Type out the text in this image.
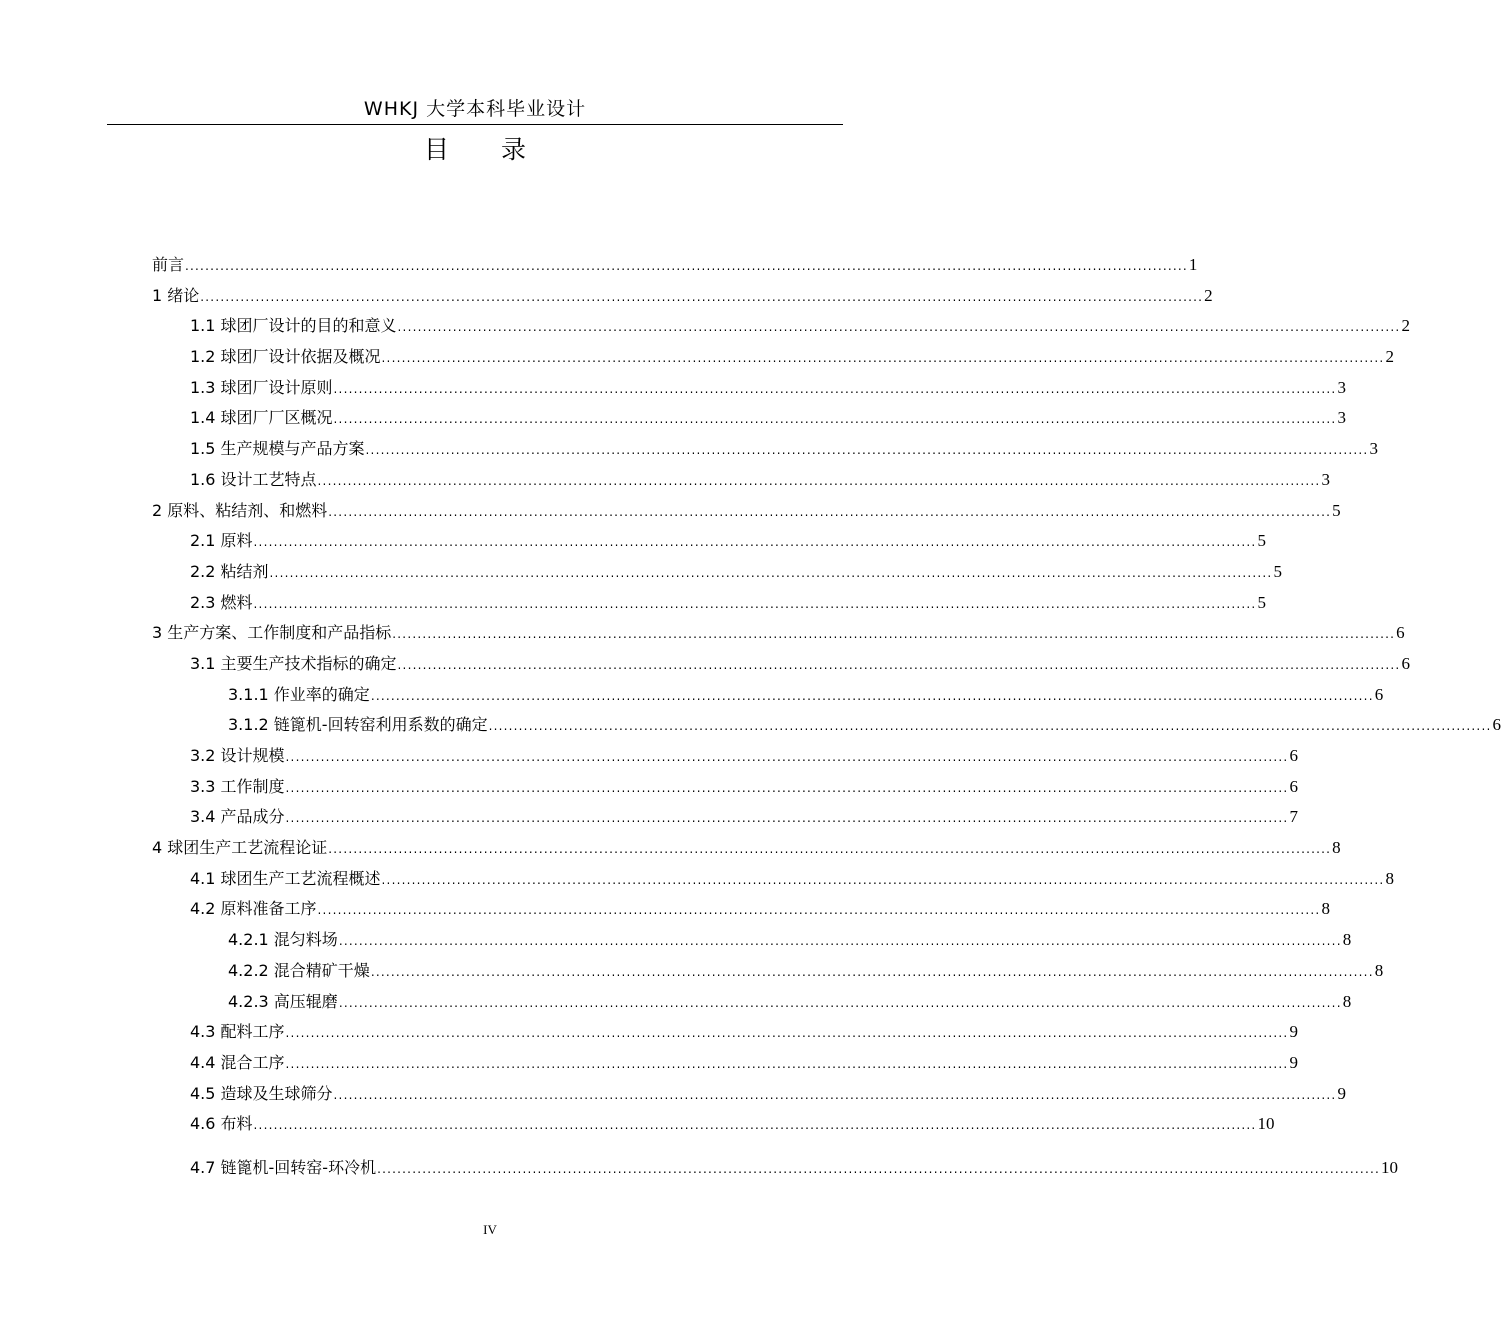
WHKJ 大学本科毕业设计
目 录
前言 ........................................................................................................................................................................................................ 1
1 绪论 ........................................................................................................................................................................................................ 2
1.1 球团厂设计的目的和意义 ........................................................................................................................................................................................................ 2
1.2 球团厂设计依据及概况 ........................................................................................................................................................................................................ 2
1.3 球团厂设计原则 ........................................................................................................................................................................................................ 3
1.4 球团厂厂区概况 ........................................................................................................................................................................................................ 3
1.5 生产规模与产品方案 ........................................................................................................................................................................................................ 3
1.6 设计工艺特点 ........................................................................................................................................................................................................ 3
2 原料、粘结剂、和燃料 ........................................................................................................................................................................................................ 5
2.1 原料 ........................................................................................................................................................................................................ 5
2.2 粘结剂 ........................................................................................................................................................................................................ 5
2.3 燃料 ........................................................................................................................................................................................................ 5
3 生产方案、工作制度和产品指标 ........................................................................................................................................................................................................ 6
3.1 主要生产技术指标的确定 ........................................................................................................................................................................................................ 6
3.1.1 作业率的确定 ........................................................................................................................................................................................................ 6
3.1.2 链篦机-回转窑利用系数的确定 ........................................................................................................................................................................................................ 6
3.2 设计规模 ........................................................................................................................................................................................................ 6
3.3 工作制度 ........................................................................................................................................................................................................ 6
3.4 产品成分 ........................................................................................................................................................................................................ 7
4 球团生产工艺流程论证 ........................................................................................................................................................................................................ 8
4.1 球团生产工艺流程概述 ........................................................................................................................................................................................................ 8
4.2 原料准备工序 ........................................................................................................................................................................................................ 8
4.2.1 混匀料场 ........................................................................................................................................................................................................ 8
4.2.2 混合精矿干燥 ........................................................................................................................................................................................................ 8
4.2.3 高压辊磨 ........................................................................................................................................................................................................ 8
4.3 配料工序 ........................................................................................................................................................................................................ 9
4.4 混合工序 ........................................................................................................................................................................................................ 9
4.5 造球及生球筛分 ........................................................................................................................................................................................................ 9
4.6 布料 ........................................................................................................................................................................................................ 10
4.7 链篦机-回转窑-环冷机 ........................................................................................................................................................................................................ 10
IV
